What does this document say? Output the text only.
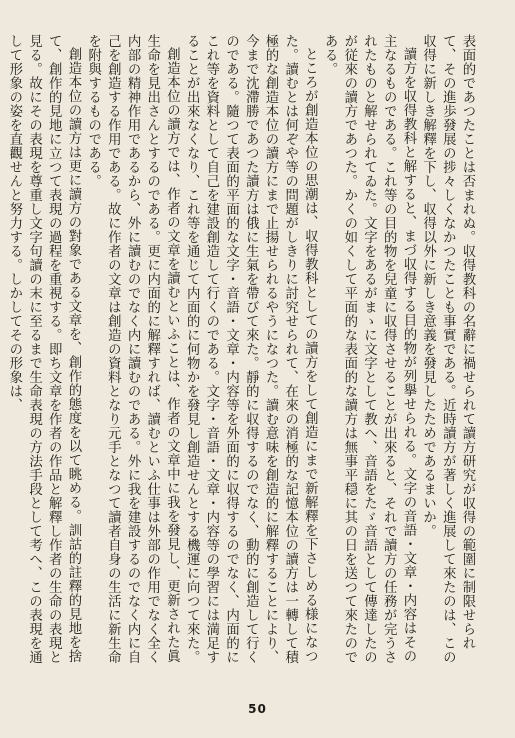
表面的であつたことは否まれぬ。収得教科の名辭に禍せられて讀方研究が収得の範圍に制限せられて、その進歩發展の捗々しくなかつたことも事實である。近時讀方が著しく進展して來たのは、この収得に新しき解釋を下し、収得以外に新しき意義を發見したためであるまいか。

讀方を収得教科と解すると、まづ収得する目的物が列擧せられる。文字の音語・文章・内容はその主なるものである。これ等の目的物を兒童に収得させることが出來ると、それで讀方の任務が完うされたものと解せられてゐた。文字をあるがまゝに文字として教へ、音語をたゞ音語として傳達したのが従來の讀方であつた。かくの如くして平面的な表面的な讀方は無事平穏に其の日を送つて來たのである。

ところが創造本位の思潮は、収得教科としての讀方をして創造にまで新解釋を下さしめる様になつた。讀むとは何ぞや等の問題がしきりに討究せられて、在來の消極的な記憶本位の讀方は一轉して積極的な創造本位の讀方にまで止揚せられるやうになつた。讀む意味を創造的に解釋することにより、今まで沈滯勝であつた讀方は俄に生氣を帶びて來た。靜的に収得するのでなく、動的に創造して行くのである。隨つて表面的平面的な文字・音語・文章・内容等を外面的に収得するのでなく、内面的にこれ等を資料として自己を建設創造して行くのである。文字・音語・文章・内容等の學習には満足することが出來なくなり、これ等を通じて内面的に何物かを發見し創造せんとする機運に向つて來た。

創造本位の讀方では、作者の文章を讀むといふことは、作者の文章中に我を發見し、更新された眞生命を見出さんとするのである。更に内面的に解釋すれば、讀むといふ仕事は外部の作用でなく全く内部の精神作用であるから、外に讀むのでなく内に讀むのである。外に我を建設するのでなく内に自己を創造する作用である。故に作者の文章は創造の資料となり元手となつて讀者自身の生活に新生命を附與するものである。

創造本位の讀方は更に讀方の對象である文章を、創作的態度を以て眺める。訓詁的註釋的見地を捨て、創作的見地に立つて表現の過程を重視する。即ち文章を作者の作品と解釋し作者の生命の表現と見る。故にその表現を尊重し文字句讀の末に至るまで生命表現の方法手段として考へ、この表現を通して形象の姿を直觀せんと努力する。しかしてその形象は、

50
